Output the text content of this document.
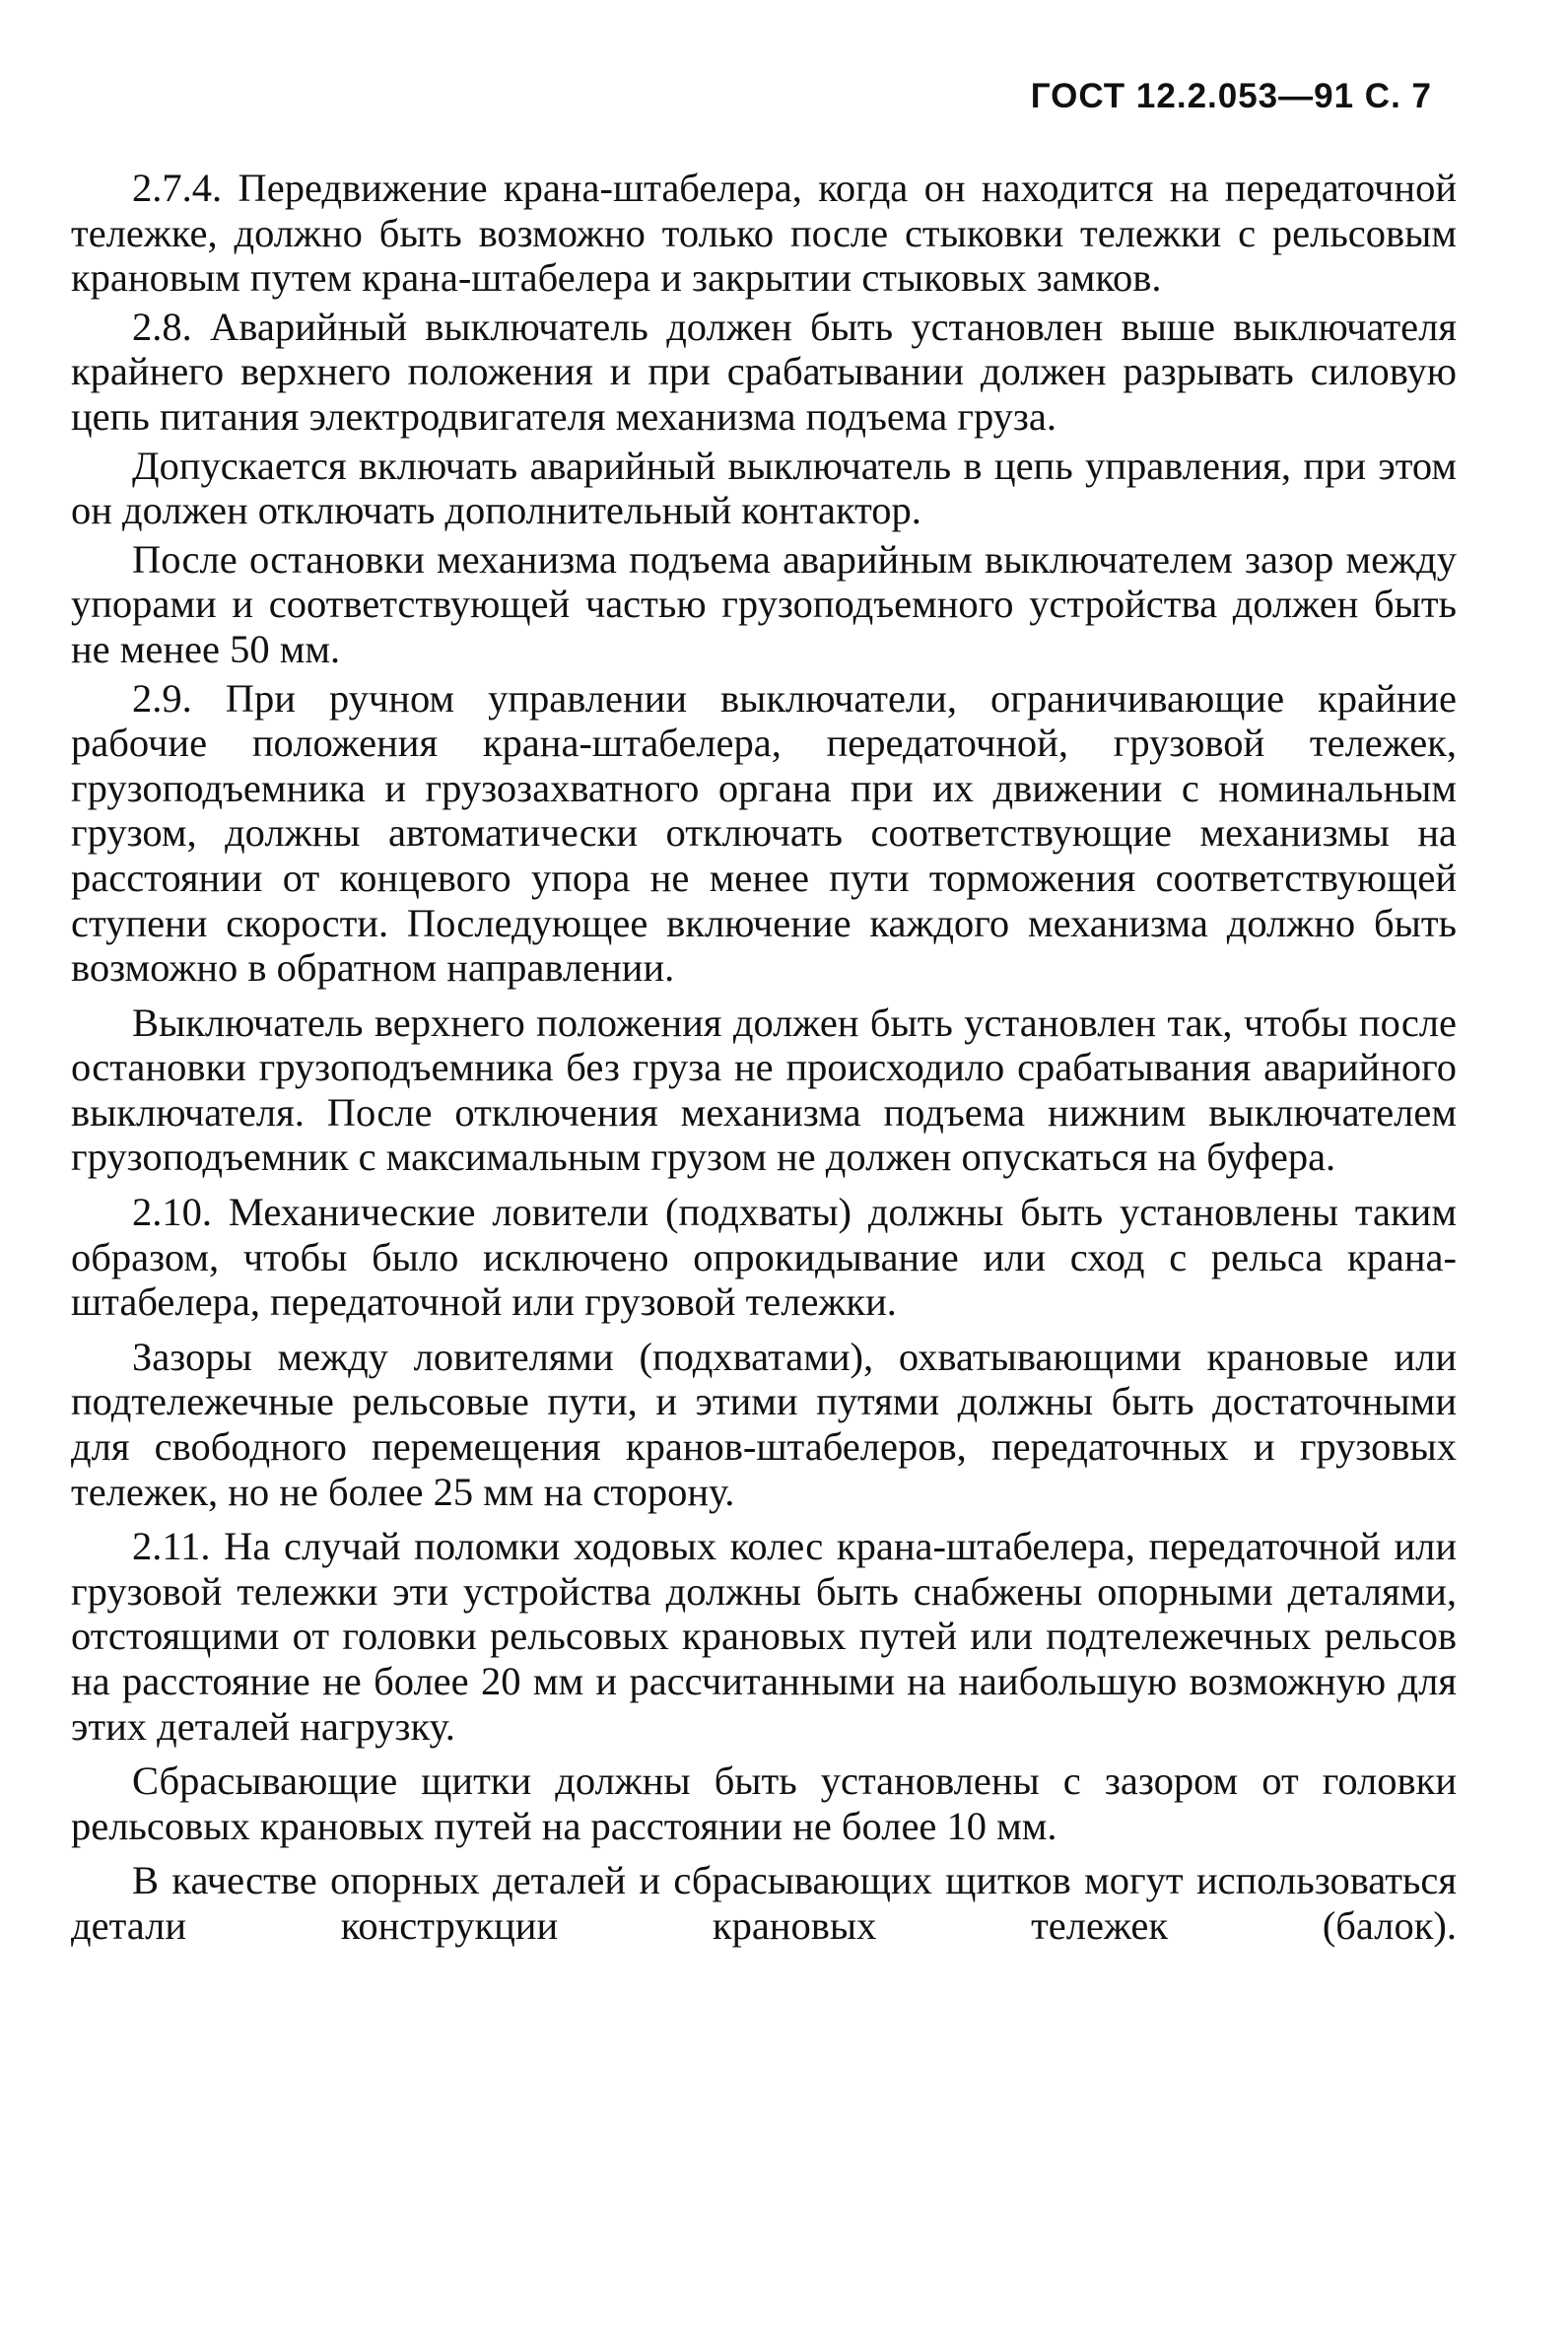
ГОСТ 12.2.053—91 С. 7

2.7.4. Передвижение крана-штабелера, когда он находится на передаточной тележке, должно быть возможно только после стыковки тележки с рельсовым крановым путем крана-штабелера и закрытии стыковых замков.

2.8. Аварийный выключатель должен быть установлен выше выключателя крайнего верхнего положения и при срабатывании должен разрывать силовую цепь питания электродвигателя механизма подъема груза.

Допускается включать аварийный выключатель в цепь управления, при этом он должен отключать дополнительный контактор.

После остановки механизма подъема аварийным выключателем зазор между упорами и соответствующей частью грузоподъемного устройства должен быть не менее 50 мм.

2.9. При ручном управлении выключатели, ограничивающие крайние рабочие положения крана-штабелера, передаточной, грузовой тележек, грузоподъемника и грузозахватного органа при их движении с номинальным грузом, должны автоматически отключать соответствующие механизмы на расстоянии от концевого упора не менее пути торможения соответствующей ступени скорости. Последующее включение каждого механизма должно быть возможно в обратном направлении.

Выключатель верхнего положения должен быть установлен так, чтобы после остановки грузоподъемника без груза не происходило срабатывания аварийного выключателя. После отключения механизма подъема нижним выключателем грузоподъемник с максимальным грузом не должен опускаться на буфера.

2.10. Механические ловители (подхваты) должны быть установлены таким образом, чтобы было исключено опрокидывание или сход с рельса крана-штабелера, передаточной или грузовой тележки.

Зазоры между ловителями (подхватами), охватывающими крановые или подтележечные рельсовые пути, и этими путями должны быть достаточными для свободного перемещения кранов-штабелеров, передаточных и грузовых тележек, но не более 25 мм на сторону.

2.11. На случай поломки ходовых колес крана-штабелера, передаточной или грузовой тележки эти устройства должны быть снабжены опорными деталями, отстоящими от головки рельсовых крановых путей или подтележечных рельсов на расстояние не более 20 мм и рассчитанными на наибольшую возможную для этих деталей нагрузку.

Сбрасывающие щитки должны быть установлены с зазором от головки рельсовых крановых путей на расстоянии не более 10 мм.

В качестве опорных деталей и сбрасывающих щитков могут использоваться детали конструкции крановых тележек (балок).
